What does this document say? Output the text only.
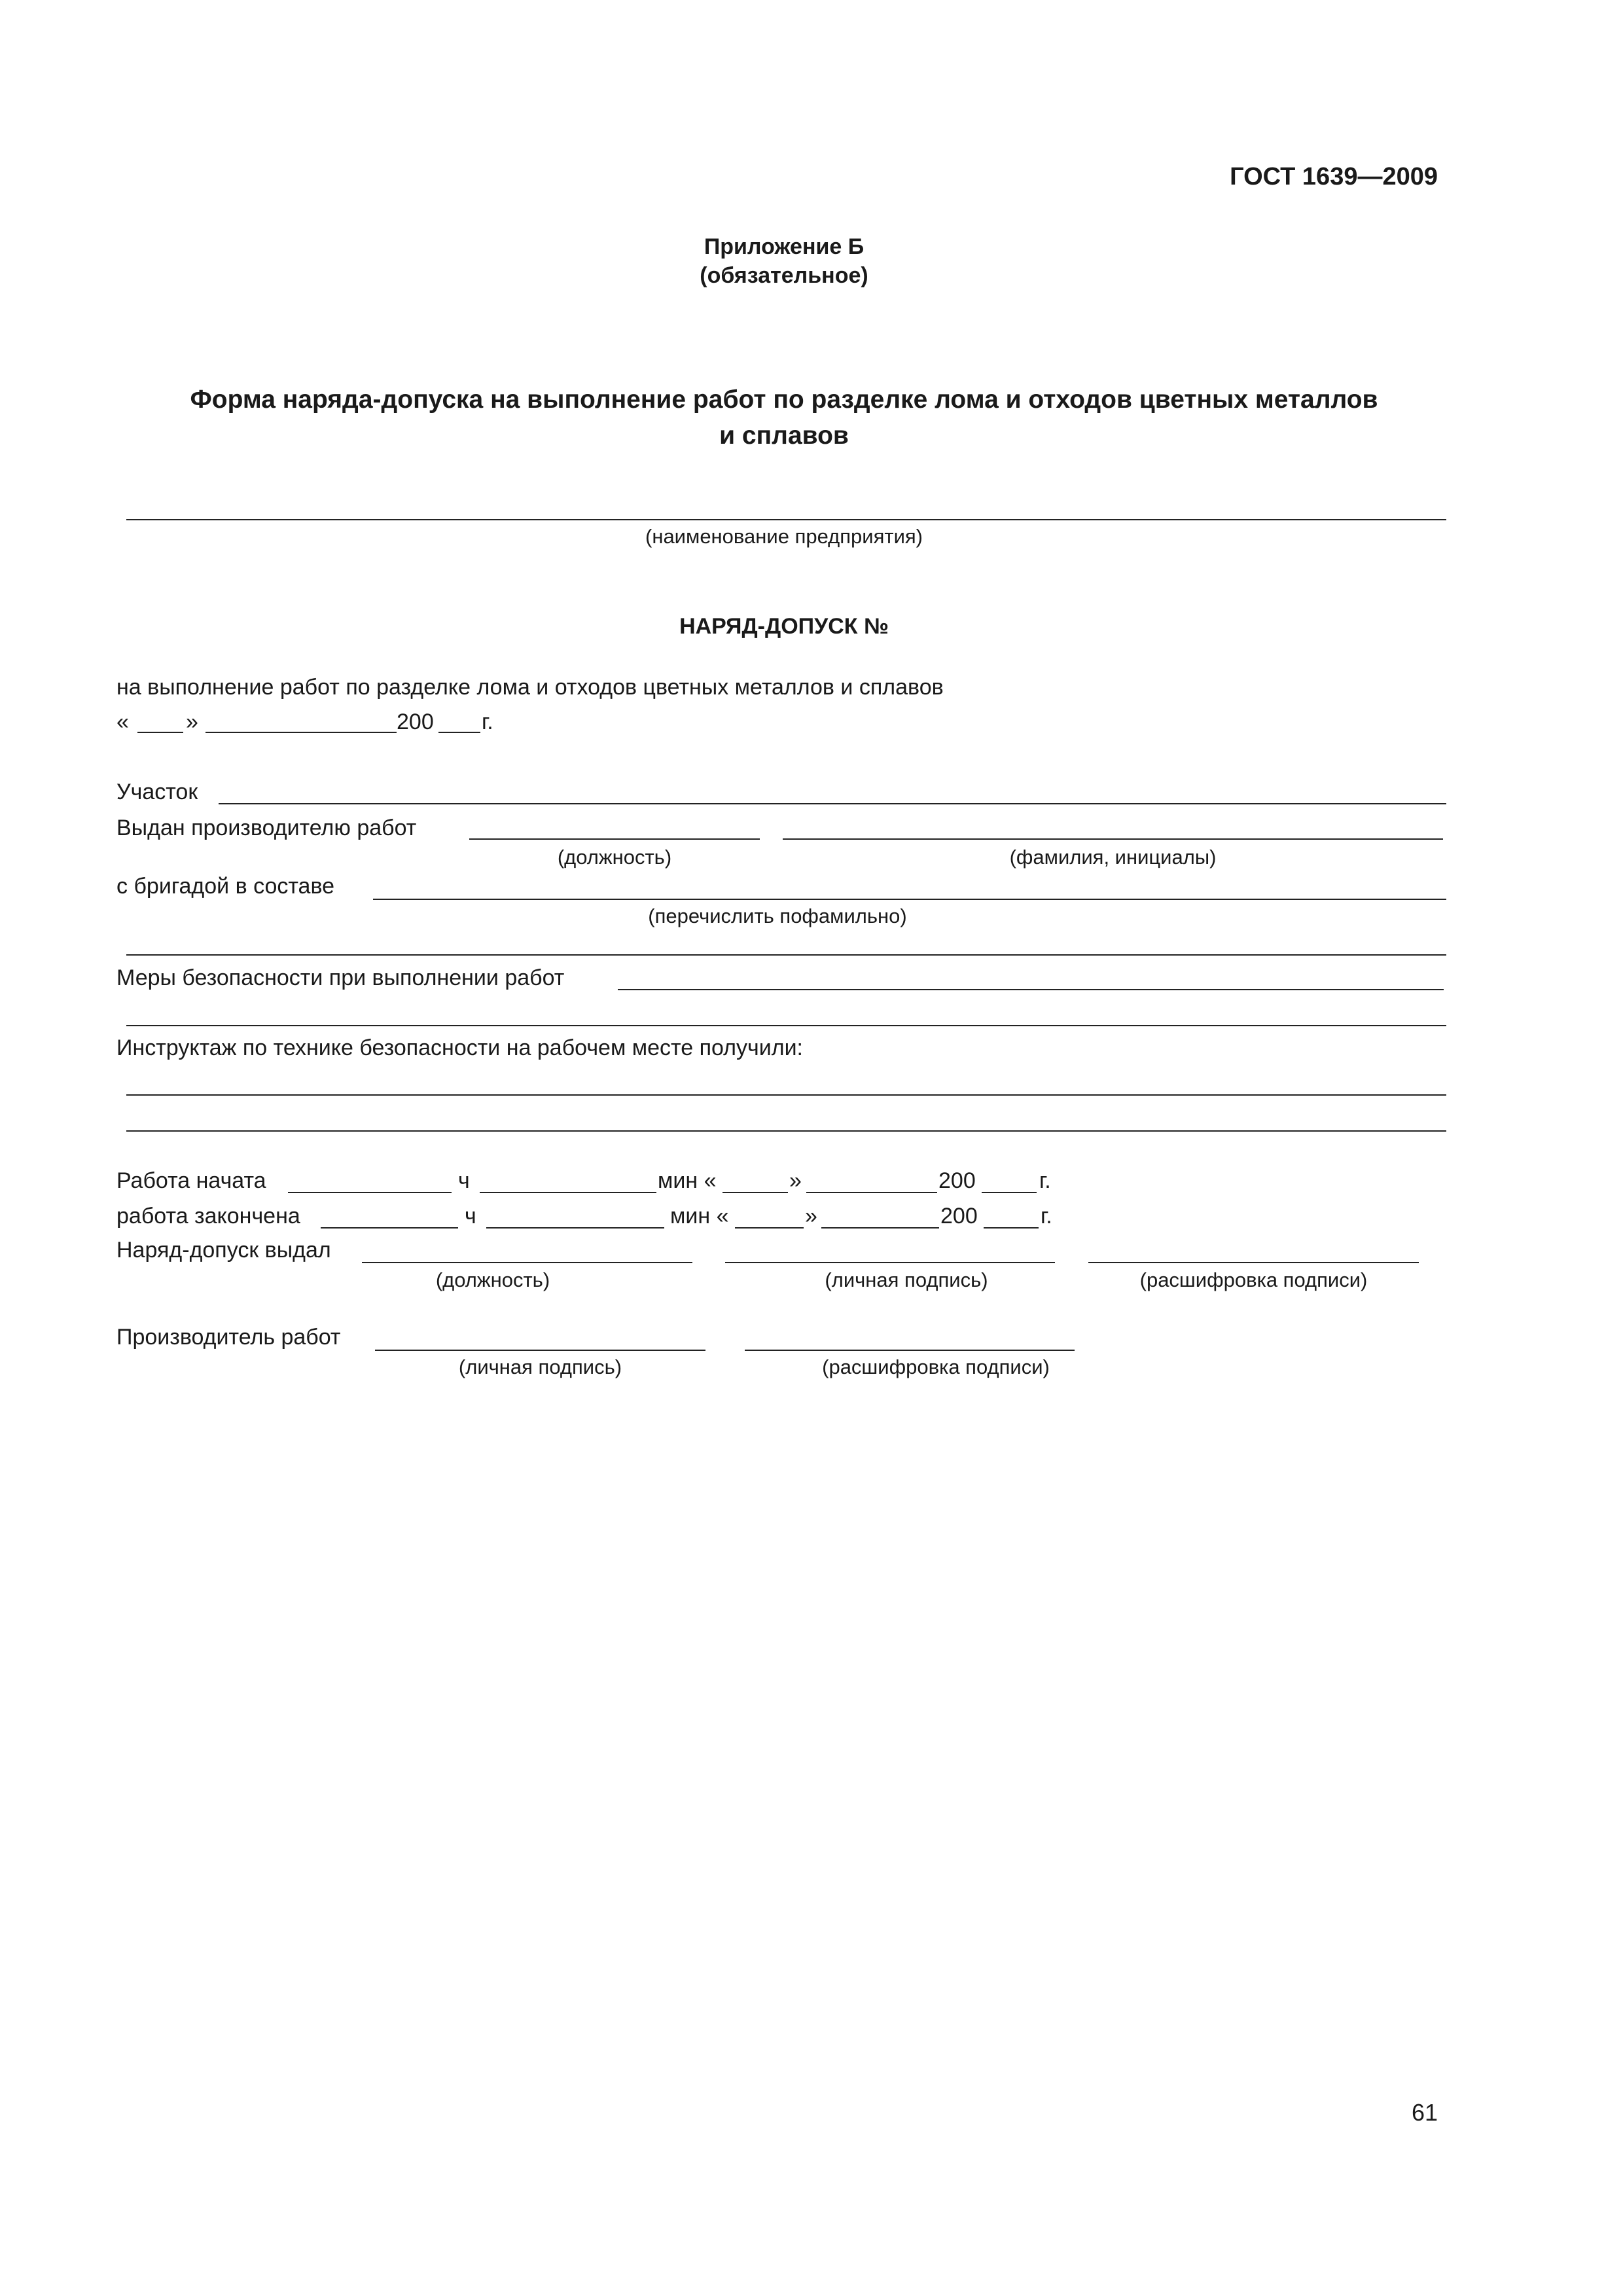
ГОСТ 1639—2009
Приложение Б
(обязательное)
Форма наряда-допуска на выполнение работ по разделке лома и отходов цветных металлов
и сплавов
(наименование предприятия)
НАРЯД-ДОПУСК №
на выполнение работ по разделке лома и отходов цветных металлов и сплавов
«	»	200 г.
Участок
Выдан производителю работ
(должность)	(фамилия, инициалы)
с бригадой в составе
(перечислить пофамильно)
Меры безопасности при выполнении работ
Инструктаж по технике безопасности на рабочем месте получили:
Работа начата	ч	мин «	»	200	г.
работа закончена	ч	мин «	»	200	г.
Наряд-допуск выдал
(должность)	(личная подпись)	(расшифровка подписи)
Производитель работ
(личная подпись)	(расшифровка подписи)
61
